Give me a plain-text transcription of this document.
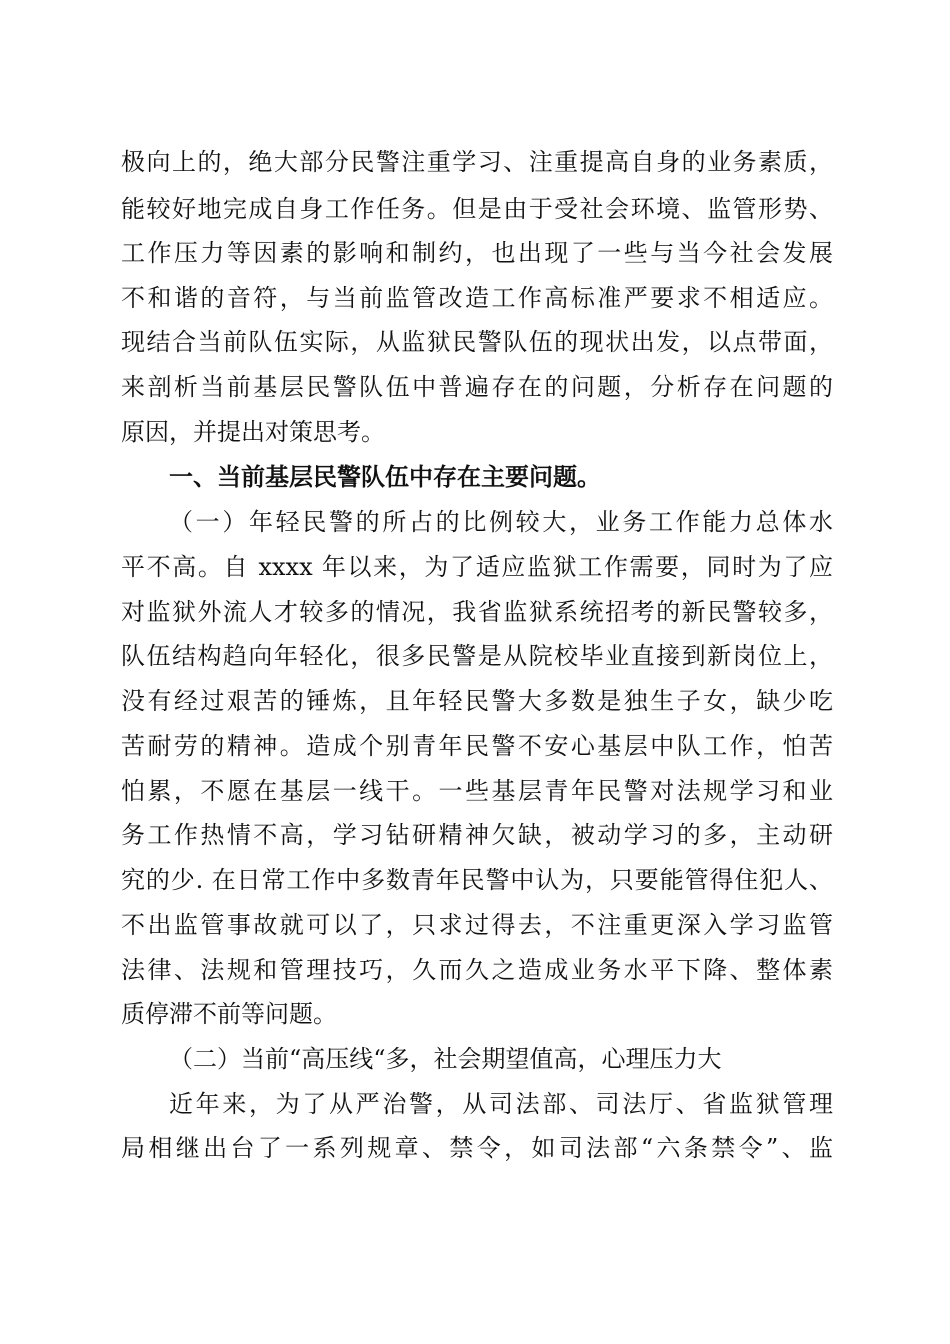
极向上的，绝大部分民警注重学习、注重提高自身的业务素质，
能较好地完成自身工作任务。但是由于受社会环境、监管形势、
工作压力等因素的影响和制约，也出现了一些与当今社会发展
不和谐的音符，与当前监管改造工作高标准严要求不相适应。
现结合当前队伍实际，从监狱民警队伍的现状出发，以点带面，
来剖析当前基层民警队伍中普遍存在的问题，分析存在问题的
原因，并提出对策思考。
一、当前基层民警队伍中存在主要问题。
（一）年轻民警的所占的比例较大，业务工作能力总体水
平不高。自 xxxx 年以来，为了适应监狱工作需要，同时为了应
对监狱外流人才较多的情况，我省监狱系统招考的新民警较多，
队伍结构趋向年轻化，很多民警是从院校毕业直接到新岗位上，
没有经过艰苦的锤炼，且年轻民警大多数是独生子女，缺少吃
苦耐劳的精神。造成个别青年民警不安心基层中队工作，怕苦
怕累，不愿在基层一线干。一些基层青年民警对法规学习和业
务工作热情不高，学习钻研精神欠缺，被动学习的多，主动研
究的少. 在日常工作中多数青年民警中认为，只要能管得住犯人、
不出监管事故就可以了，只求过得去，不注重更深入学习监管
法律、法规和管理技巧，久而久之造成业务水平下降、整体素
质停滞不前等问题。
（二）当前“高压线“多，社会期望值高，心理压力大
近年来，为了从严治警，从司法部、司法厅、省监狱管理
局相继出台了一系列规章、禁令，如司法部“六条禁令”、监
